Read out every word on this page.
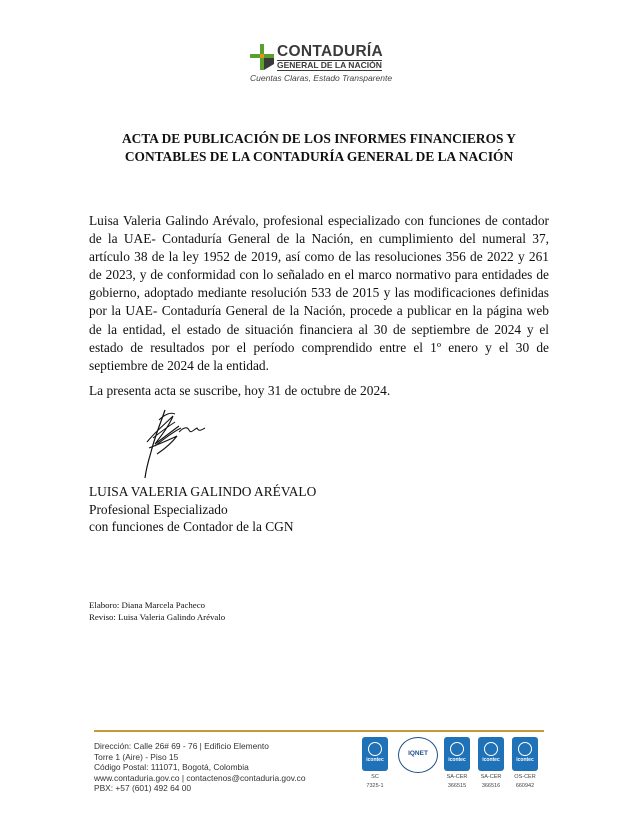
CONTADURÍA
GENERAL DE LA NACIÓN
Cuentas Claras, Estado Transparente
ACTA DE PUBLICACIÓN DE LOS INFORMES FINANCIEROS Y
CONTABLES DE LA CONTADURÍA GENERAL DE LA NACIÓN
Luisa Valeria Galindo Arévalo, profesional especializado con funciones de contador de la UAE- Contaduría General de la Nación, en cumplimiento del numeral 37, artículo 38 de la ley 1952 de 2019, así como de las resoluciones 356 de 2022 y 261 de 2023, y de conformidad con lo señalado en el marco normativo para entidades de gobierno, adoptado mediante resolución 533 de 2015 y las modificaciones definidas por la UAE- Contaduría General de la Nación, procede a publicar en la página web de la entidad, el estado de situación financiera al 30 de septiembre de 2024 y el estado de resultados por el período comprendido entre el 1º enero y el 30 de septiembre de 2024 de la entidad.
La presenta acta se suscribe, hoy 31 de octubre de 2024.
LUISA VALERIA GALINDO ARÉVALO
Profesional Especializado
con funciones de Contador de la CGN
Elaboro: Diana Marcela Pacheco
Reviso: Luisa Valeria Galindo Arévalo
Dirección: Calle 26# 69 - 76 | Edificio Elemento
Torre 1 (Aire) - Piso 15
Código Postal: 111071, Bogotá, Colombia
www.contaduria.gov.co | contactenos@contaduria.gov.co
PBX: +57 (601) 492 64 00
icontec
SC
7325-1
IQNET
icontec
SA-CER
366515
icontec
SA-CER
366516
icontec
OS-CER
660942
